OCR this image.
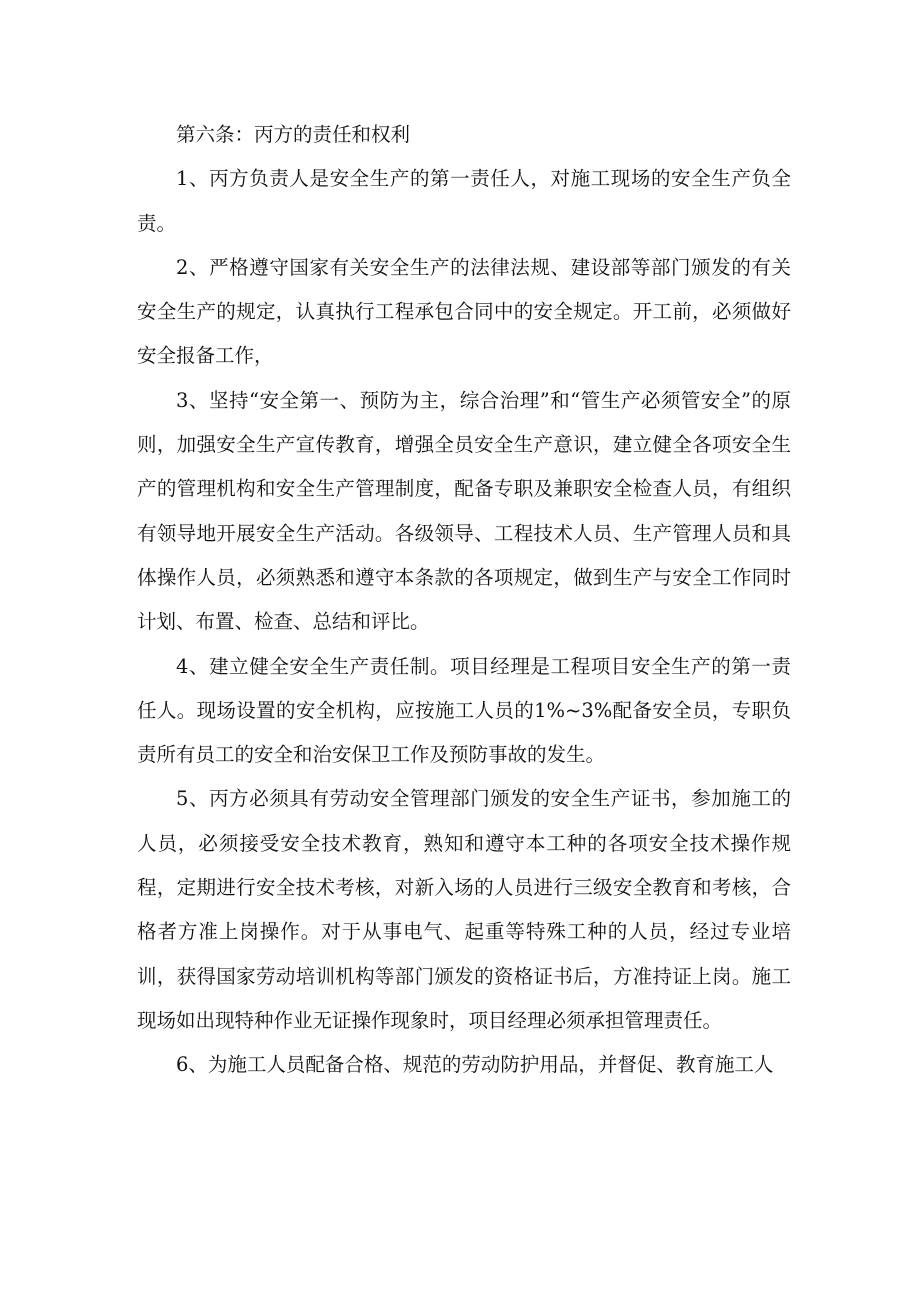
第六条：丙方的责任和权利

1、丙方负责人是安全生产的第一责任人，对施工现场的安全生产负全责。

2、严格遵守国家有关安全生产的法律法规、建设部等部门颁发的有关安全生产的规定，认真执行工程承包合同中的安全规定。开工前，必须做好安全报备工作，

3、坚持“安全第一、预防为主，综合治理”和“管生产必须管安全”的原则，加强安全生产宣传教育，增强全员安全生产意识，建立健全各项安全生产的管理机构和安全生产管理制度，配备专职及兼职安全检查人员，有组织有领导地开展安全生产活动。各级领导、工程技术人员、生产管理人员和具体操作人员，必须熟悉和遵守本条款的各项规定，做到生产与安全工作同时计划、布置、检查、总结和评比。

4、建立健全安全生产责任制。项目经理是工程项目安全生产的第一责任人。现场设置的安全机构，应按施工人员的1%~3%配备安全员，专职负责所有员工的安全和治安保卫工作及预防事故的发生。

5、丙方必须具有劳动安全管理部门颁发的安全生产证书，参加施工的人员，必须接受安全技术教育，熟知和遵守本工种的各项安全技术操作规程，定期进行安全技术考核，对新入场的人员进行三级安全教育和考核，合格者方准上岗操作。对于从事电气、起重等特殊工种的人员，经过专业培训，获得国家劳动培训机构等部门颁发的资格证书后，方准持证上岗。施工现场如出现特种作业无证操作现象时，项目经理必须承担管理责任。

6、为施工人员配备合格、规范的劳动防护用品，并督促、教育施工人
